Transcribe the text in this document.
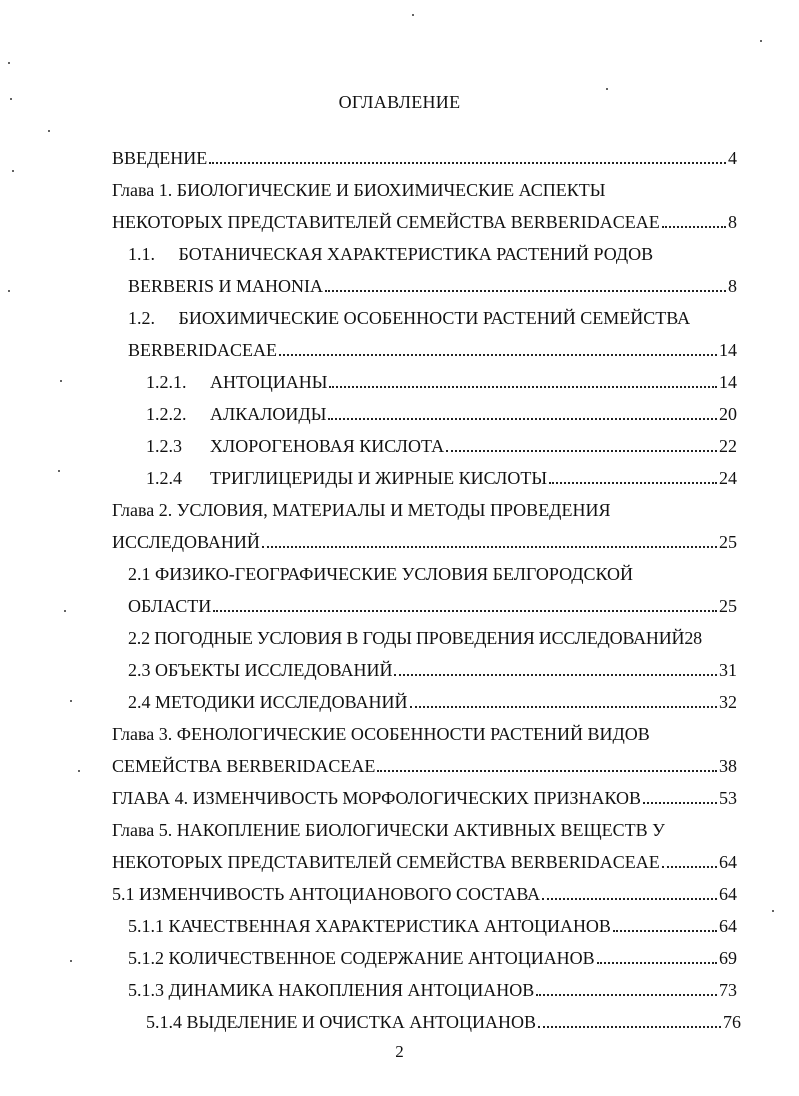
ОГЛАВЛЕНИЕ
ВВЕДЕНИЕ	4
Глава 1. БИОЛОГИЧЕСКИЕ И БИОХИМИЧЕСКИЕ АСПЕКТЫ
НЕКОТОРЫХ ПРЕДСТАВИТЕЛЕЙ СЕМЕЙСТВА BERBERIDACEAE	8
1.1. БОТАНИЧЕСКАЯ ХАРАКТЕРИСТИКА РАСТЕНИЙ РОДОВ
BERBERIS И MAHONIA	8
1.2. БИОХИМИЧЕСКИЕ ОСОБЕННОСТИ РАСТЕНИЙ СЕМЕЙСТВА
BERBERIDACEAE	14
1.2.1.	АНТОЦИАНЫ	14
1.2.2.	АЛКАЛОИДЫ	20
1.2.3	ХЛОРОГЕНОВАЯ КИСЛОТА	22
1.2.4	ТРИГЛИЦЕРИДЫ И ЖИРНЫЕ КИСЛОТЫ	24
Глава 2. УСЛОВИЯ, МАТЕРИАЛЫ И МЕТОДЫ ПРОВЕДЕНИЯ
ИССЛЕДОВАНИЙ	25
2.1 ФИЗИКО-ГЕОГРАФИЧЕСКИЕ УСЛОВИЯ БЕЛГОРОДСКОЙ
ОБЛАСТИ	25
2.2 ПОГОДНЫЕ УСЛОВИЯ В ГОДЫ ПРОВЕДЕНИЯ ИССЛЕДОВАНИЙ 28
2.3 ОБЪЕКТЫ ИССЛЕДОВАНИЙ	31
2.4 МЕТОДИКИ ИССЛЕДОВАНИЙ	32
Глава 3. ФЕНОЛОГИЧЕСКИЕ ОСОБЕННОСТИ РАСТЕНИЙ ВИДОВ
СЕМЕЙСТВА BERBERIDACEAE	38
ГЛАВА 4. ИЗМЕНЧИВОСТЬ МОРФОЛОГИЧЕСКИХ ПРИЗНАКОВ	53
Глава 5. НАКОПЛЕНИЕ БИОЛОГИЧЕСКИ АКТИВНЫХ ВЕЩЕСТВ У
НЕКОТОРЫХ ПРЕДСТАВИТЕЛЕЙ СЕМЕЙСТВА BERBERIDACEAE	64
5.1 ИЗМЕНЧИВОСТЬ АНТОЦИАНОВОГО СОСТАВА	64
5.1.1 КАЧЕСТВЕННАЯ ХАРАКТЕРИСТИКА АНТОЦИАНОВ	64
5.1.2 КОЛИЧЕСТВЕННОЕ СОДЕРЖАНИЕ АНТОЦИАНОВ	69
5.1.3 ДИНАМИКА НАКОПЛЕНИЯ АНТОЦИАНОВ	73
5.1.4 ВЫДЕЛЕНИЕ И ОЧИСТКА АНТОЦИАНОВ	76
2
